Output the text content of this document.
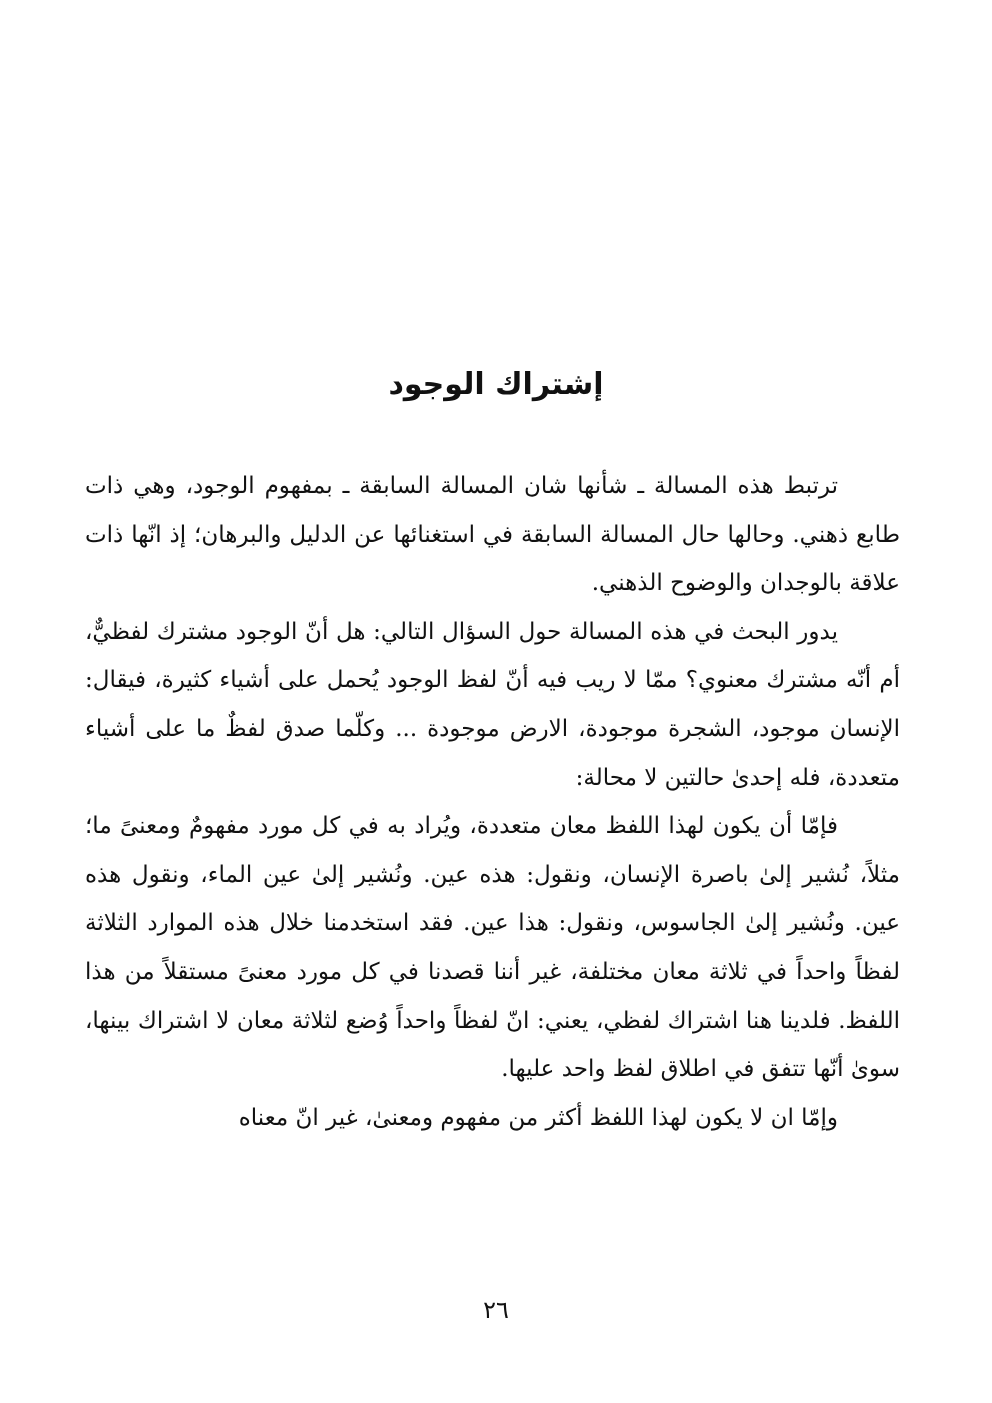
إشتراك الوجود

ترتبط هذه المسالة ـ شأنها شان المسالة السابقة ـ بمفهوم الوجود، وهي ذات طابع ذهني. وحالها حال المسالة السابقة في استغنائها عن الدليل والبرهان؛ إذ انّها ذات علاقة بالوجدان والوضوح الذهني.

يدور البحث في هذه المسالة حول السؤال التالي: هل أنّ الوجود مشترك لفظيٌّ، أم أنّه مشترك معنوي؟ ممّا لا ريب فيه أنّ لفظ الوجود يُحمل على أشياء كثيرة، فيقال: الإنسان موجود، الشجرة موجودة، الارض موجودة ... وكلّما صدق لفظٌ ما على أشياء متعددة، فله إحدىٰ حالتين لا محالة:

فإمّا أن يكون لهذا اللفظ معان متعددة، ويُراد به في كل مورد مفهومٌ ومعنىً ما؛ مثلاً، نُشير إلىٰ باصرة الإنسان، ونقول: هذه عين. ونُشير إلىٰ عين الماء، ونقول هذه عين. ونُشير إلىٰ الجاسوس، ونقول: هذا عين. فقد استخدمنا خلال هذه الموارد الثلاثة لفظاً واحداً في ثلاثة معان مختلفة، غير أننا قصدنا في كل مورد معنىً مستقلاً من هذا اللفظ. فلدينا هنا اشتراك لفظي، يعني: انّ لفظاً واحداً وُضع لثلاثة معان لا اشتراك بينها، سوىٰ أنّها تتفق في اطلاق لفظ واحد عليها.

وإمّا ان لا يكون لهذا اللفظ أكثر من مفهوم ومعنىٰ، غير انّ معناه

٢٦
